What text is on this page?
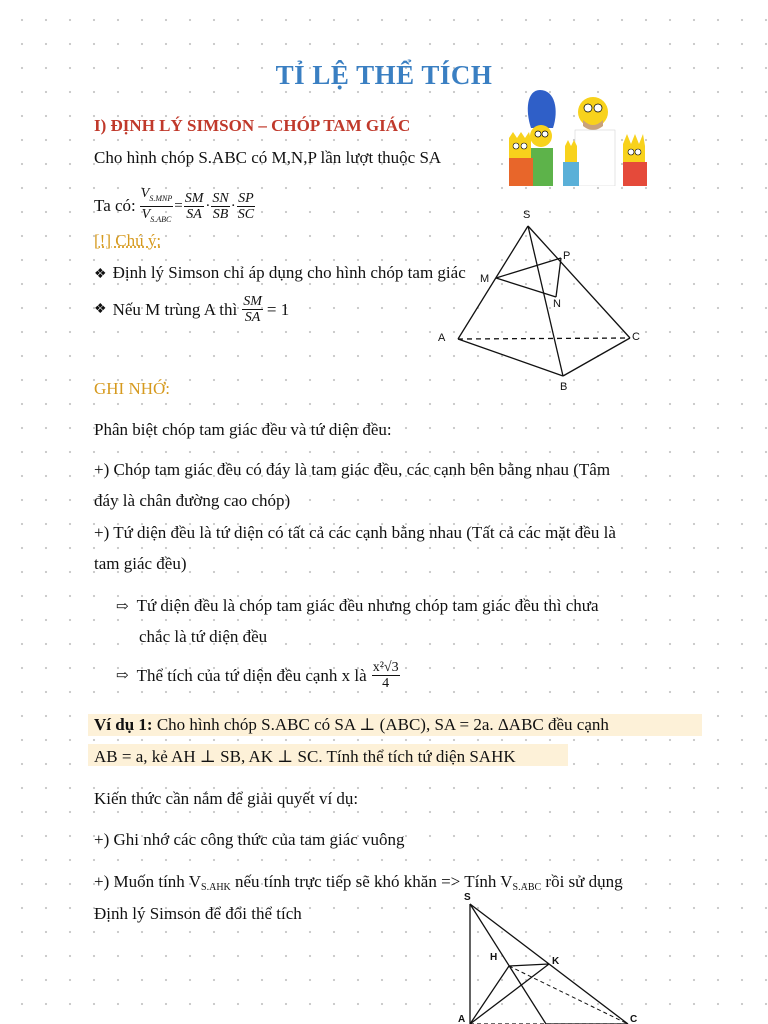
TỈ LỆ THỂ TÍCH
I) ĐỊNH LÝ SIMSON – CHÓP TAM GIÁC
Cho hình chóp S.ABC có M,N,P lần lượt thuộc SA
Ta có: $\frac{V_{S.MNP}}{V_{S.ABC}} = \frac{SM}{SA} \cdot \frac{SN}{SB} \cdot \frac{SP}{SC}$
[!] Chú ý:
❖ Định lý Simson chỉ áp dụng cho hình chóp tam giác
❖ Nếu M trùng A thì $\frac{SM}{SA} = 1$
S
P
M
N
A	C
B
GHI NHỚ:
Phân biệt chóp tam giác đều và tứ diện đều:
+) Chóp tam giác đều có đáy là tam giác đều, các cạnh bên bằng nhau (Tâm
đáy là chân đường cao chóp)
+) Tứ diện đều là tứ diện có tất cả các cạnh bằng nhau (Tất cả các mặt đều là
tam giác đều)
⇨ Tứ diện đều là chóp tam giác đều nhưng chóp tam giác đều thì chưa
chắc là tứ diện đều
⇨ Thể tích của tứ diện đều cạnh x là $\frac{\text{x²√3}}{4}$
Ví dụ 1: Cho hình chóp S.ABC có SA ⊥ (ABC), SA = 2a. ΔABC đều cạnh
AB = a, kẻ AH ⊥ SB, AK ⊥ SC. Tính thể tích tứ diện SAHK
Kiến thức cần nắm để giải quyết ví dụ:
+) Ghi nhớ các công thức của tam giác vuông
+) Muốn tính VS.AHK nếu tính trực tiếp sẽ khó khăn => Tính VS.ABC rồi sử dụng
Định lý Simson để đổi thể tích
S
H	K
A	C
